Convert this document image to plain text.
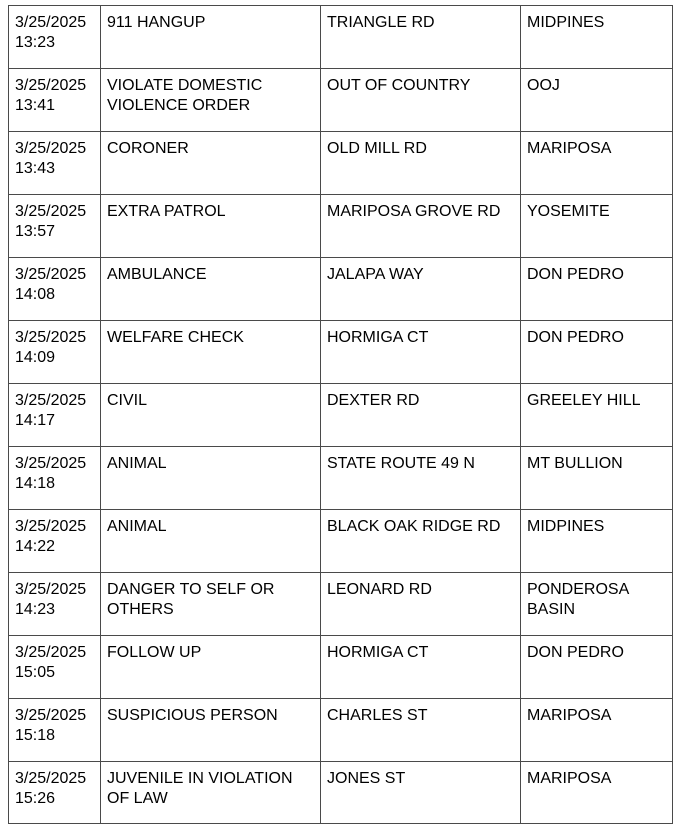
3/25/2025
13:23	911 HANGUP	TRIANGLE RD	MIDPINES

3/25/2025
13:41	VIOLATE DOMESTIC VIOLENCE ORDER	OUT OF COUNTRY	OOJ

3/25/2025
13:43	CORONER	OLD MILL RD	MARIPOSA

3/25/2025
13:57	EXTRA PATROL	MARIPOSA GROVE RD	YOSEMITE

3/25/2025
14:08	AMBULANCE	JALAPA WAY	DON PEDRO

3/25/2025
14:09	WELFARE CHECK	HORMIGA CT	DON PEDRO

3/25/2025
14:17	CIVIL	DEXTER RD	GREELEY HILL

3/25/2025
14:18	ANIMAL	STATE ROUTE 49 N	MT BULLION

3/25/2025
14:22	ANIMAL	BLACK OAK RIDGE RD	MIDPINES

3/25/2025
14:23	DANGER TO SELF OR OTHERS	LEONARD RD	PONDEROSA BASIN

3/25/2025
15:05	FOLLOW UP	HORMIGA CT	DON PEDRO

3/25/2025
15:18	SUSPICIOUS PERSON	CHARLES ST	MARIPOSA

3/25/2025
15:26	JUVENILE IN VIOLATION OF LAW	JONES ST	MARIPOSA
